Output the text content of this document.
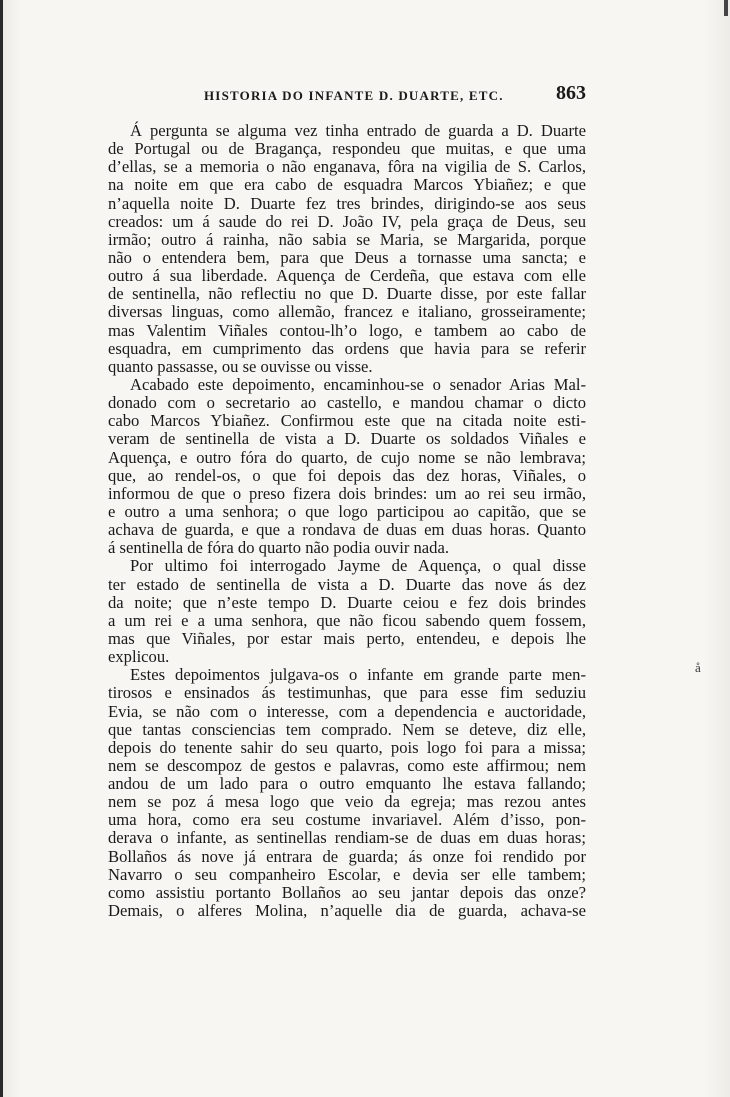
HISTORIA DO INFANTE D. DUARTE, ETC.	863
Á pergunta se alguma vez tinha entrado de guarda a D. Duarte
de Portugal ou de Bragança, respondeu que muitas, e que uma
d’ellas, se a memoria o não enganava, fôra na vigilia de S. Carlos,
na noite em que era cabo de esquadra Marcos Ybiañez; e que
n’aquella noite D. Duarte fez tres brindes, dirigindo-se aos seus
creados: um á saude do rei D. João IV, pela graça de Deus, seu
irmão; outro á rainha, não sabia se Maria, se Margarida, porque
não o entendera bem, para que Deus a tornasse uma sancta; e
outro á sua liberdade. Aquença de Cerdeña, que estava com elle
de sentinella, não reflectiu no que D. Duarte disse, por este fallar
diversas linguas, como allemão, francez e italiano, grosseiramente;
mas Valentim Viñales contou-lh’o logo, e tambem ao cabo de
esquadra, em cumprimento das ordens que havia para se referir
quanto passasse, ou se ouvisse ou visse.
Acabado este depoimento, encaminhou-se o senador Arias Mal-
donado com o secretario ao castello, e mandou chamar o dicto
cabo Marcos Ybiañez. Confirmou este que na citada noite esti-
veram de sentinella de vista a D. Duarte os soldados Viñales e
Aquença, e outro fóra do quarto, de cujo nome se não lembrava;
que, ao rendel-os, o que foi depois das dez horas, Viñales, o
informou de que o preso fizera dois brindes: um ao rei seu irmão,
e outro a uma senhora; o que logo participou ao capitão, que se
achava de guarda, e que a rondava de duas em duas horas. Quanto
á sentinella de fóra do quarto não podia ouvir nada.
Por ultimo foi interrogado Jayme de Aquença, o qual disse
ter estado de sentinella de vista a D. Duarte das nove ás dez
da noite; que n’este tempo D. Duarte ceiou e fez dois brindes
a um rei e a uma senhora, que não ficou sabendo quem fossem,
mas que Viñales, por estar mais perto, entendeu, e depois lhe
explicou.
Estes depoimentos julgava-os o infante em grande parte men-
tirosos e ensinados ás testimunhas, que para esse fim seduziu
Evia, se não com o interesse, com a dependencia e auctoridade,
que tantas consciencias tem comprado. Nem se deteve, diz elle,
depois do tenente sahir do seu quarto, pois logo foi para a missa;
nem se descompoz de gestos e palavras, como este affirmou; nem
andou de um lado para o outro emquanto lhe estava fallando;
nem se poz á mesa logo que veio da egreja; mas rezou antes
uma hora, como era seu costume invariavel. Além d’isso, pon-
derava o infante, as sentinellas rendiam-se de duas em duas horas;
Bollaños ás nove já entrara de guarda; ás onze foi rendido por
Navarro o seu companheiro Escolar, e devia ser elle tambem;
como assistiu portanto Bollaños ao seu jantar depois das onze?
Demais, o alferes Molina, n’aquelle dia de guarda, achava-se
å
